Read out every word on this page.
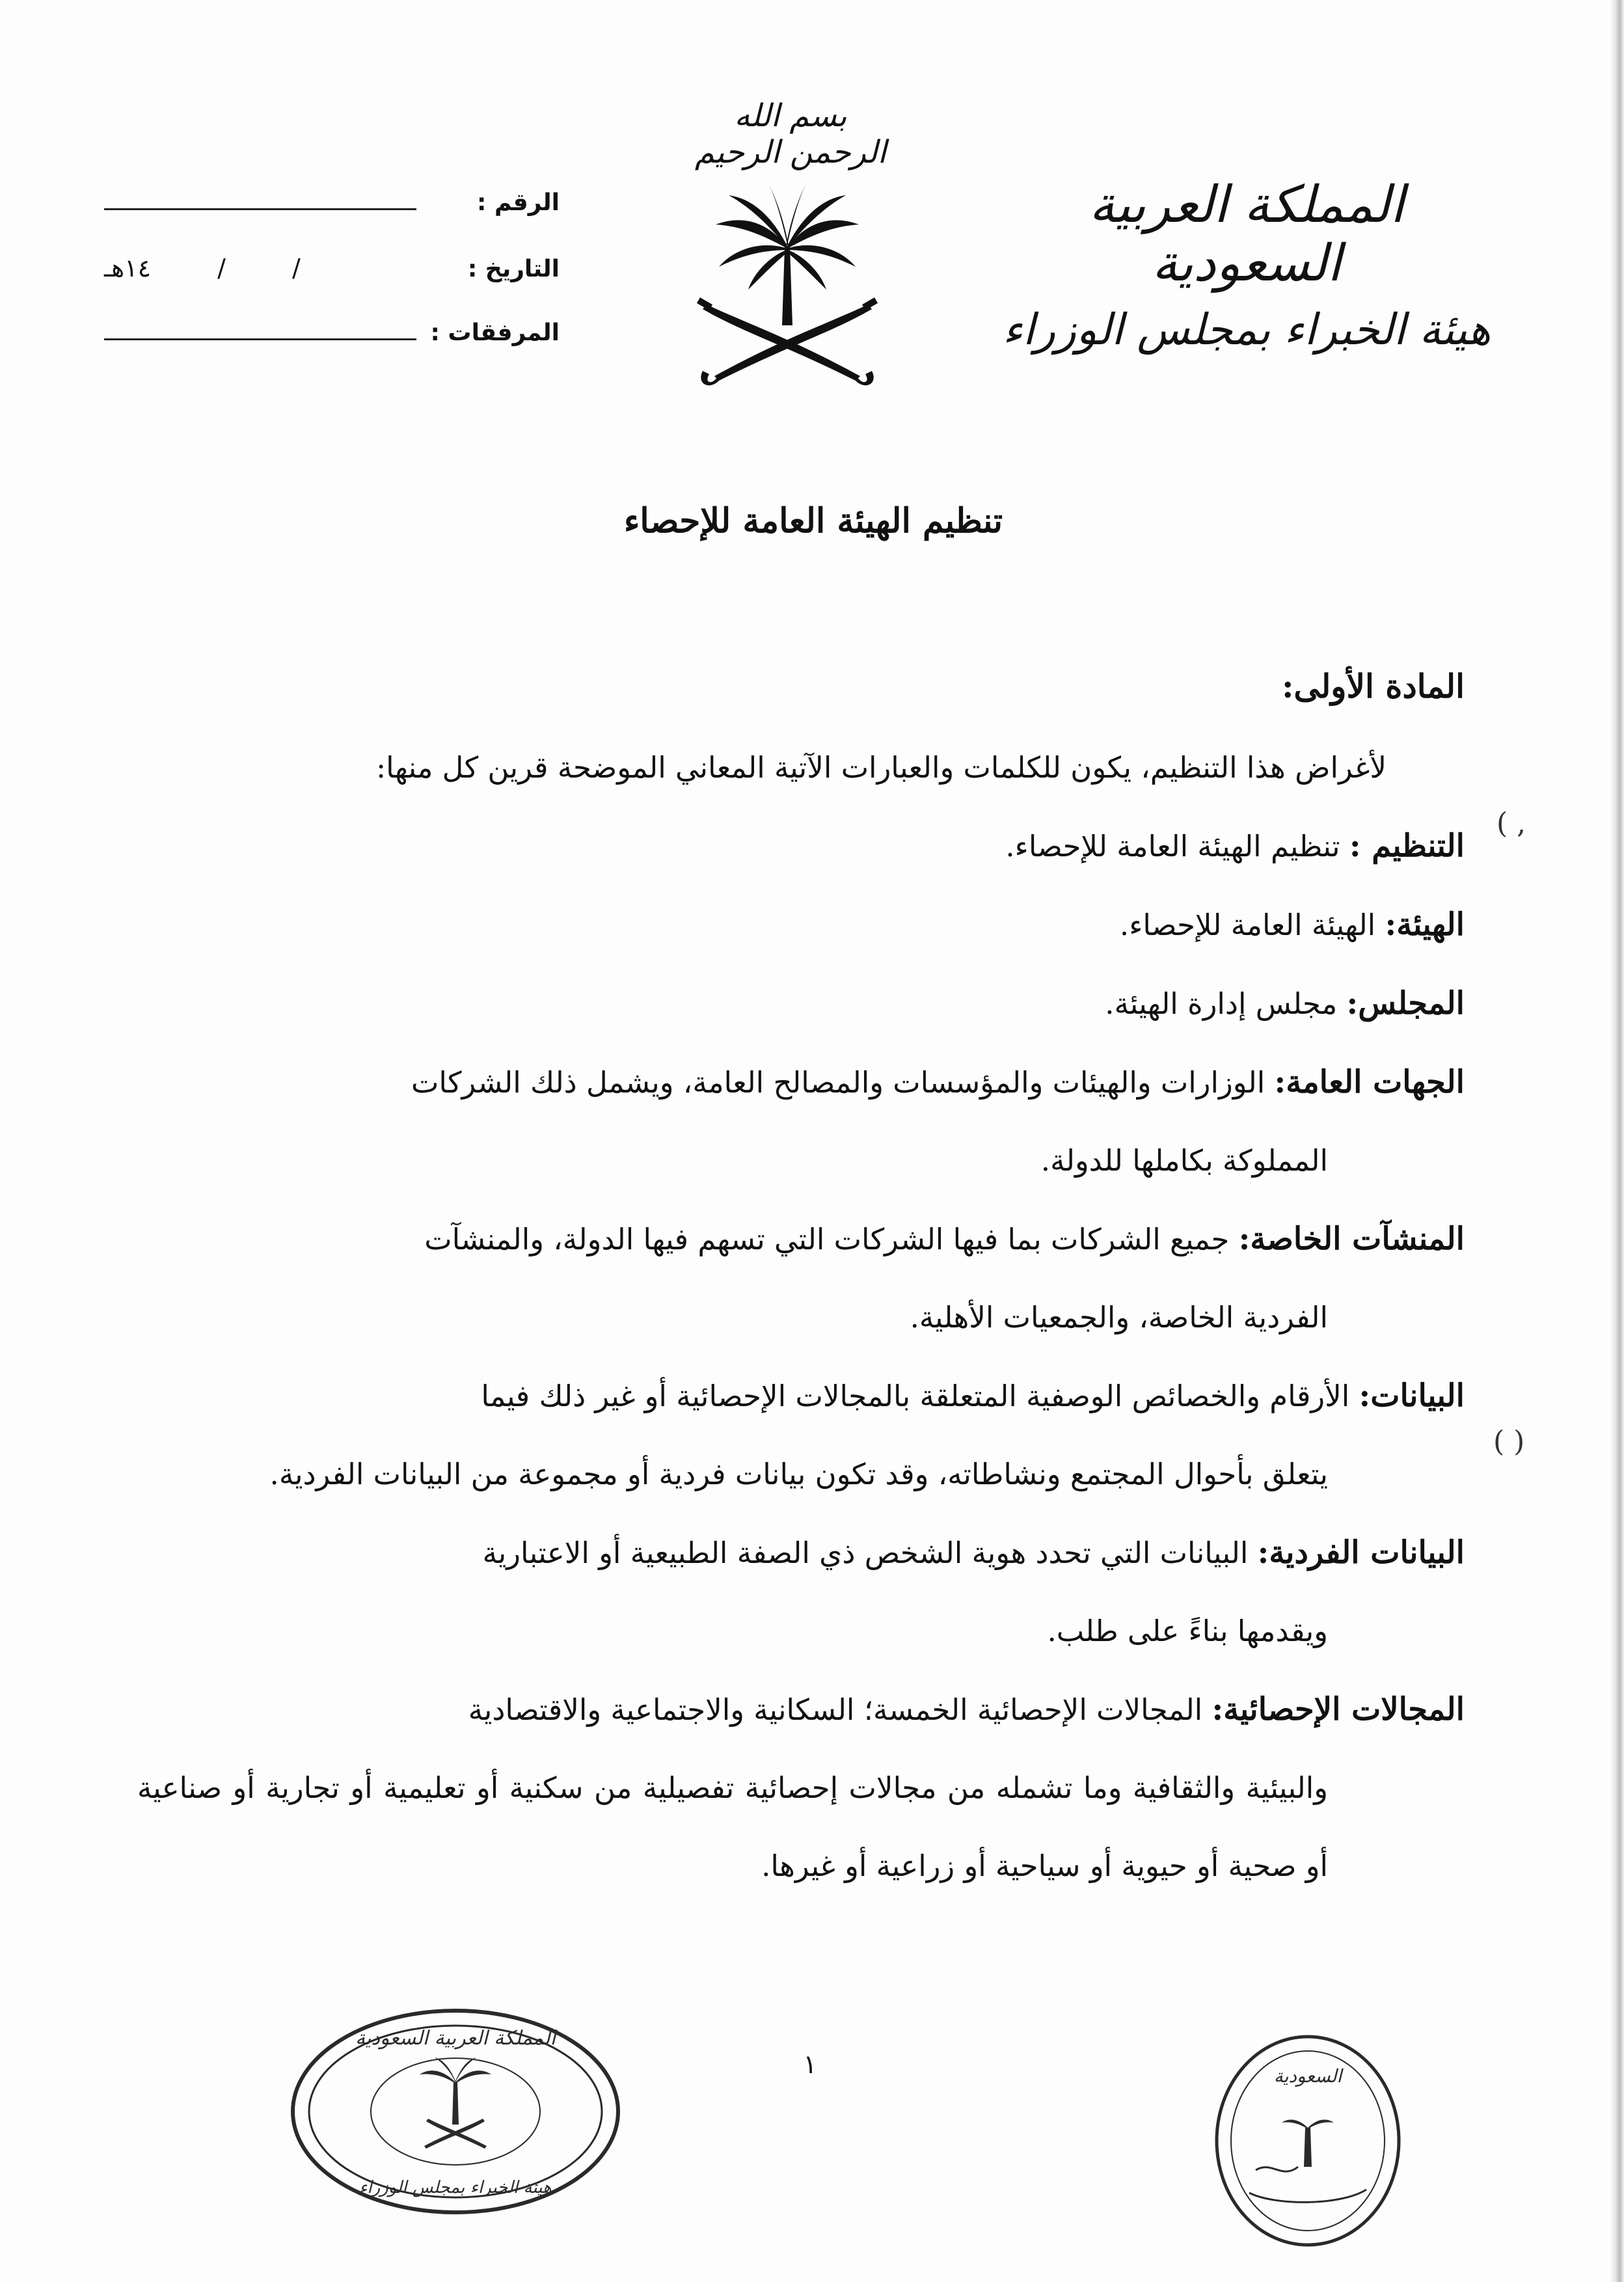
بسم الله الرحمن الرحيم
المملكة العربية السعودية
هيئة الخبراء بمجلس الوزراء
الرقم :
التاريخ :
١٤هـ / /
المرفقات :
تنظيم الهيئة العامة للإحصاء
المادة الأولى:
لأغراض هذا التنظيم، يكون للكلمات والعبارات الآتية المعاني الموضحة قرين كل منها:
التنظيم : تنظيم الهيئة العامة للإحصاء.
الهيئة: الهيئة العامة للإحصاء.
المجلس: مجلس إدارة الهيئة.
الجهات العامة: الوزارات والهيئات والمؤسسات والمصالح العامة، ويشمل ذلك الشركات
المملوكة بكاملها للدولة.
المنشآت الخاصة: جميع الشركات بما فيها الشركات التي تسهم فيها الدولة، والمنشآت
الفردية الخاصة، والجمعيات الأهلية.
البيانات: الأرقام والخصائص الوصفية المتعلقة بالمجالات الإحصائية أو غير ذلك فيما
يتعلق بأحوال المجتمع ونشاطاته، وقد تكون بيانات فردية أو مجموعة من البيانات الفردية.
البيانات الفردية: البيانات التي تحدد هوية الشخص ذي الصفة الطبيعية أو الاعتبارية
ويقدمها بناءً على طلب.
المجالات الإحصائية: المجالات الإحصائية الخمسة؛ السكانية والاجتماعية والاقتصادية
والبيئية والثقافية وما تشمله من مجالات إحصائية تفصيلية من سكنية أو تعليمية أو تجارية أو صناعية أو صحية أو حيوية أو سياحية أو زراعية أو غيرها.
( ,
( )
١
المملكة العربية السعودية
هيئة الخبراء بمجلس الوزراء
السعودية
